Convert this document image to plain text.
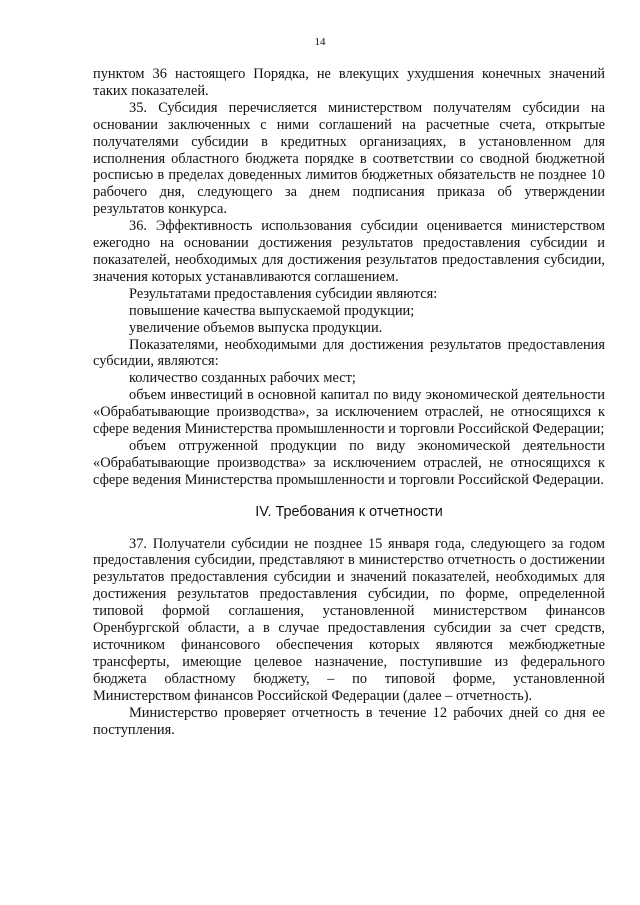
14

пунктом 36 настоящего Порядка, не влекущих ухудшения конечных значений таких показателей.

35. Субсидия перечисляется министерством получателям субсидии на основании заключенных с ними соглашений на расчетные счета, открытые получателями субсидии в кредитных организациях, в установленном для исполнения областного бюджета порядке в соответствии со сводной бюджетной росписью в пределах доведенных лимитов бюджетных обязательств не позднее 10 рабочего дня, следующего за днем подписания приказа об утверждении результатов конкурса.

36. Эффективность использования субсидии оценивается министерством ежегодно на основании достижения результатов предоставления субсидии и показателей, необходимых для достижения результатов предоставления субсидии, значения которых устанавливаются соглашением.

Результатами предоставления субсидии являются:

повышение качества выпускаемой продукции;

увеличение объемов выпуска продукции.

Показателями, необходимыми для достижения результатов предоставления субсидии, являются:

количество созданных рабочих мест;

объем инвестиций в основной капитал по виду экономической деятельности «Обрабатывающие производства», за исключением отраслей, не относящихся к сфере ведения Министерства промышленности и торговли Российской Федерации;

объем отгруженной продукции по виду экономической деятельности «Обрабатывающие производства» за исключением отраслей, не относящихся к сфере ведения Министерства промышленности и торговли Российской Федерации.

IV. Требования к отчетности

37. Получатели субсидии не позднее 15 января года, следующего за годом предоставления субсидии, представляют в министерство отчетность о достижении результатов предоставления субсидии и значений показателей, необходимых для достижения результатов предоставления субсидии, по форме, определенной типовой формой соглашения, установленной министерством финансов Оренбургской области, а в случае предоставления субсидии за счет средств, источником финансового обеспечения которых являются межбюджетные трансферты, имеющие целевое назначение, поступившие из федерального бюджета областному бюджету, – по типовой форме, установленной Министерством финансов Российской Федерации (далее – отчетность).

Министерство проверяет отчетность в течение 12 рабочих дней со дня ее поступления.
